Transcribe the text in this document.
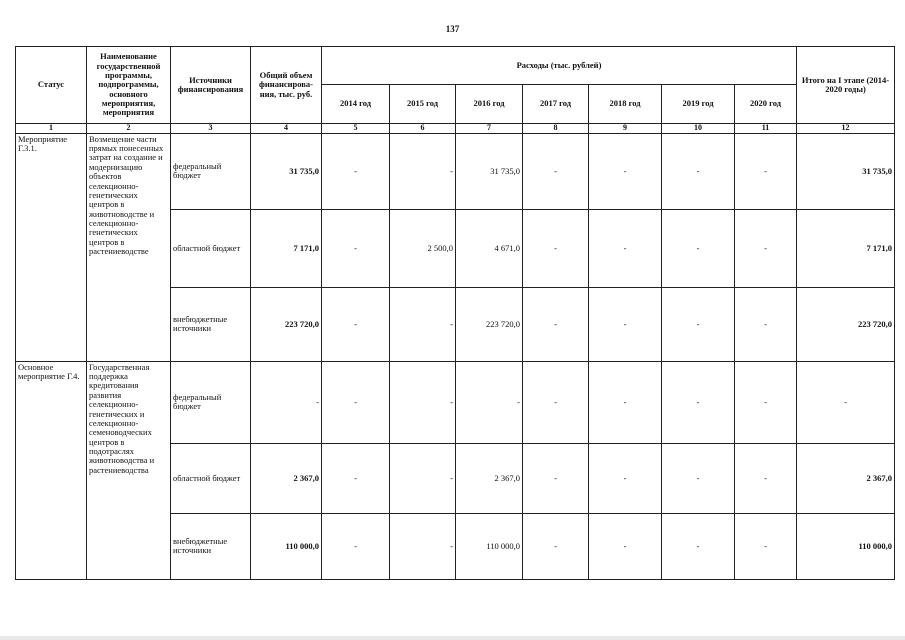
137
Статус	Наименование государственной программы, подпрограммы, основного мероприятия, мероприятия	Источники финансирования	Общий объем финансирова-ния, тыс. руб.	Расходы (тыс. рублей)							Итого на I этапе (2014-2020 годы)
				2014 год	2015 год	2016 год	2017 год	2018 год	2019 год	2020 год	
1	2	3	4	5	6	7	8	9	10	11	12
Мероприятие Г.3.1.	Возмещение части прямых понесенных затрат на создание и модернизацию объектов селекционно-генетических центров в животноводстве и селекционно-генетических центров в растениеводстве	федеральный бюджет	31 735,0	-	-	31 735,0	-	-	-	-	31 735,0
		областной бюджет	7 171,0	-	2 500,0	4 671,0	-	-	-	-	7 171,0
		внебюджетные источники	223 720,0	-	-	223 720,0	-	-	-	-	223 720,0
Основное мероприятие Г.4.	Государственная поддержка кредитования развития селекционно-генетических и селекционно-семеноводческих центров в подотраслях животноводства и растениеводства	федеральный бюджет	-	-	-	-	-	-	-	-	-
		областной бюджет	2 367,0	-	-	2 367,0	-	-	-	-	2 367,0
		внебюджетные источники	110 000,0	-	-	110 000,0	-	-	-	-	110 000,0
